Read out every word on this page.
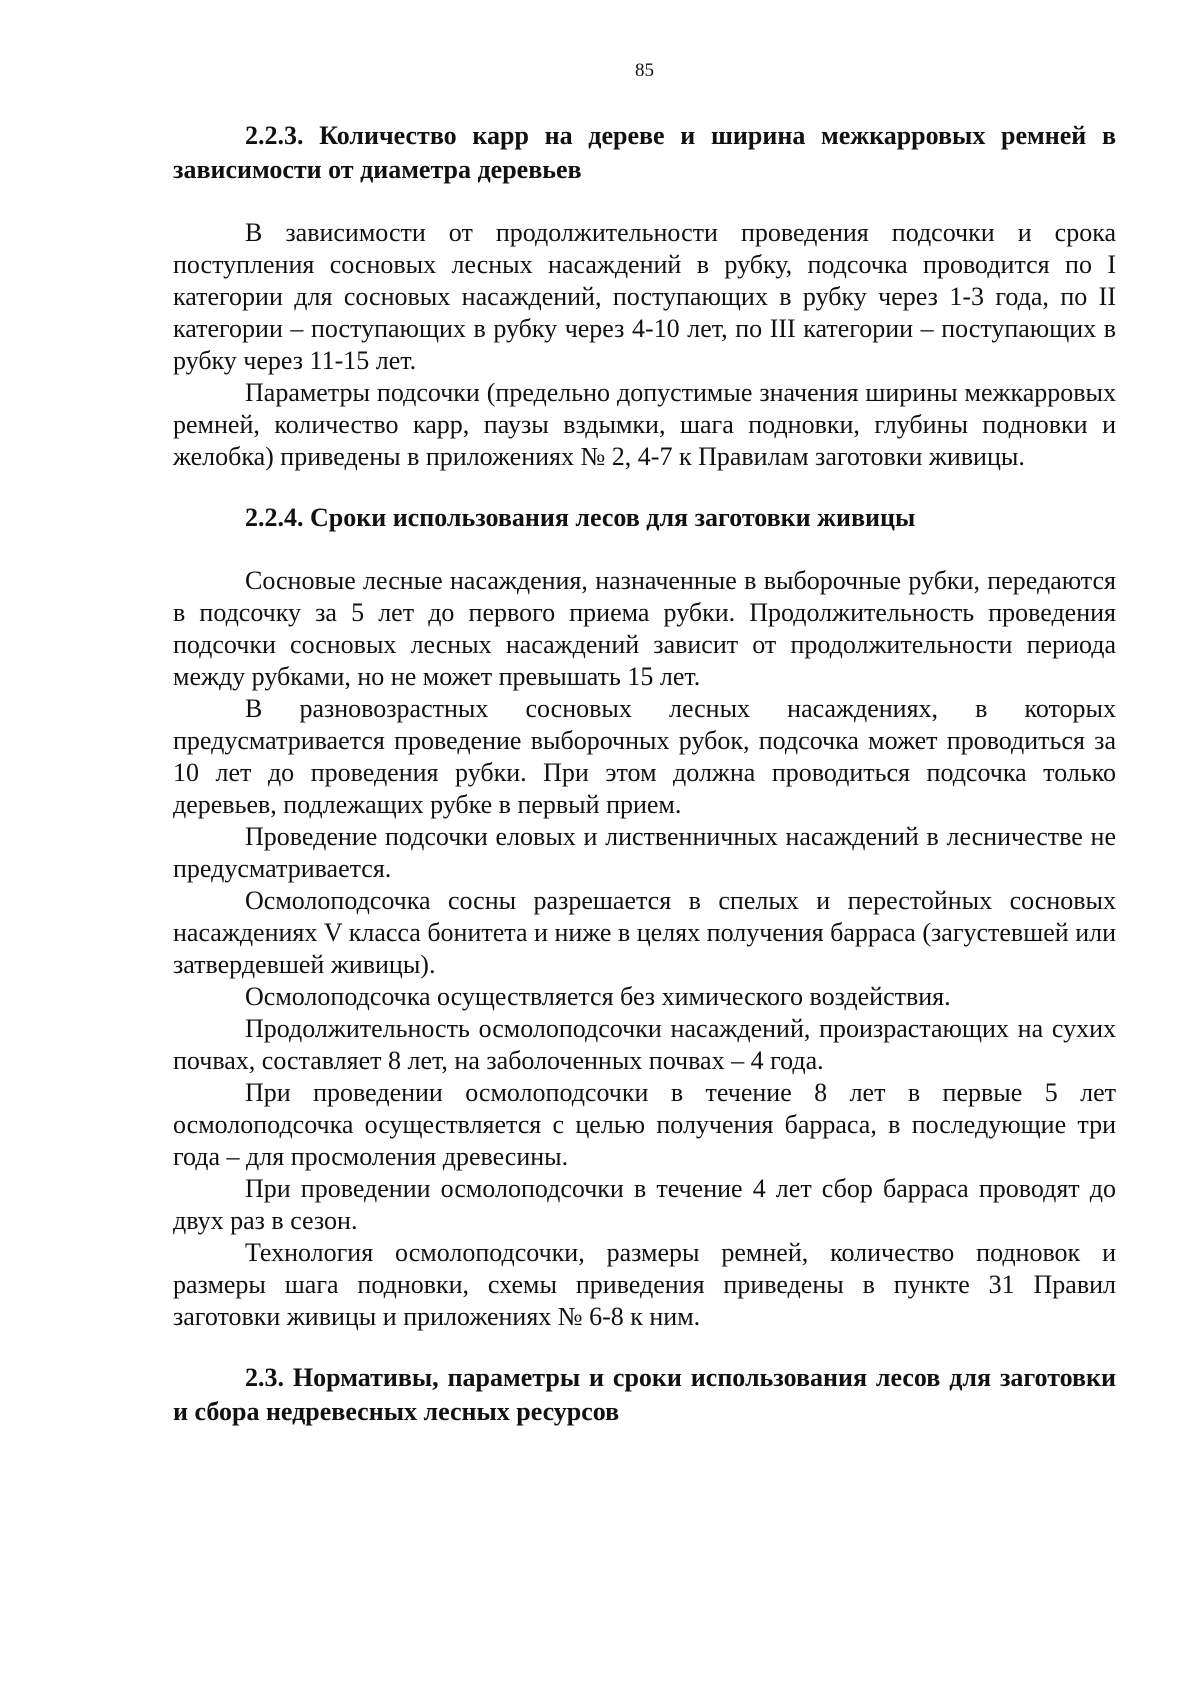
85
2.2.3. Количество карр на дереве и ширина межкарровых ремней в зависимости от диаметра деревьев

В зависимости от продолжительности проведения подсочки и срока поступления сосновых лесных насаждений в рубку, подсочка проводится по I категории для сосновых насаждений, поступающих в рубку через 1-3 года, по II категории – поступающих в рубку через 4-10 лет, по III категории – поступающих в рубку через 11-15 лет.

Параметры подсочки (предельно допустимые значения ширины межкарровых ремней, количество карр, паузы вздымки, шага подновки, глубины подновки и желобка) приведены в приложениях № 2, 4-7 к Правилам заготовки живицы.

2.2.4. Сроки использования лесов для заготовки живицы

Сосновые лесные насаждения, назначенные в выборочные рубки, передаются в подсочку за 5 лет до первого приема рубки. Продолжительность проведения подсочки сосновых лесных насаждений зависит от продолжительности периода между рубками, но не может превышать 15 лет.

В разновозрастных сосновых лесных насаждениях, в которых предусматривается проведение выборочных рубок, подсочка может проводиться за 10 лет до проведения рубки. При этом должна проводиться подсочка только деревьев, подлежащих рубке в первый прием.

Проведение подсочки еловых и лиственничных насаждений в лесничестве не предусматривается.

Осмолоподсочка сосны разрешается в спелых и перестойных сосновых насаждениях V класса бонитета и ниже в целях получения барраса (загустевшей или затвердевшей живицы).

Осмолоподсочка осуществляется без химического воздействия.

Продолжительность осмолоподсочки насаждений, произрастающих на сухих почвах, составляет 8 лет, на заболоченных почвах – 4 года.

При проведении осмолоподсочки в течение 8 лет в первые 5 лет осмолоподсочка осуществляется с целью получения барраса, в последующие три года – для просмоления древесины.

При проведении осмолоподсочки в течение 4 лет сбор барраса проводят до двух раз в сезон.

Технология осмолоподсочки, размеры ремней, количество подновок и размеры шага подновки, схемы приведения приведены в пункте 31 Правил заготовки живицы и приложениях № 6-8 к ним.

2.3. Нормативы, параметры и сроки использования лесов для заготовки и сбора недревесных лесных ресурсов
